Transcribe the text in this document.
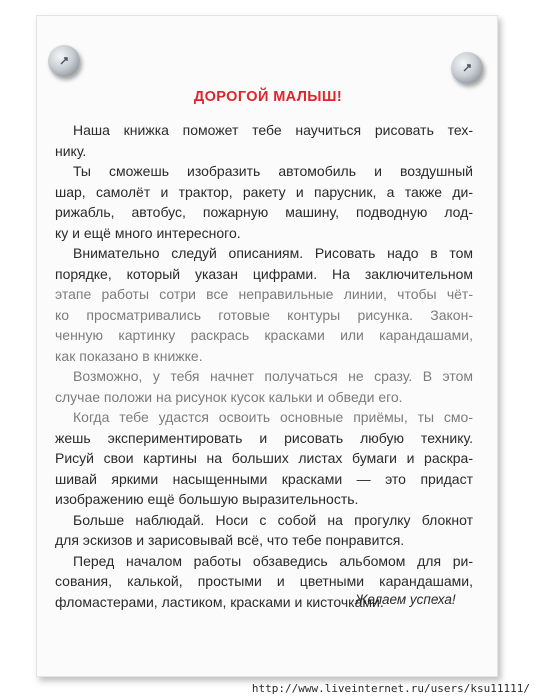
ДОРОГОЙ МАЛЫШ!
Наша книжка поможет тебе научиться рисовать тех-
нику.
Ты сможешь изобразить автомобиль и воздушный
шар, самолёт и трактор, ракету и парусник, а также ди-
рижабль, автобус, пожарную машину, подводную лод-
ку и ещё много интересного.
Внимательно следуй описаниям. Рисовать надо в том
порядке, который указан цифрами. На заключительном
этапе работы сотри все неправильные линии, чтобы чёт-
ко просматривались готовые контуры рисунка. Закон-
ченную картинку раскрась красками или карандашами,
как показано в книжке.
Возможно, у тебя начнет получаться не сразу. В этом
случае положи на рисунок кусок кальки и обведи его.
Когда тебе удастся освоить основные приёмы, ты смо-
жешь экспериментировать и рисовать любую технику.
Рисуй свои картины на больших листах бумаги и раскра-
шивай яркими насыщенными красками — это придаст
изображению ещё большую выразительность.
Больше наблюдай. Носи с собой на прогулку блокнот
для эскизов и зарисовывай всё, что тебе понравится.
Перед началом работы обзаведись альбомом для ри-
сования, калькой, простыми и цветными карандашами,
фломастерами, ластиком, красками и кисточками.
Желаем успеха!
http://www.liveinternet.ru/users/ksu11111/
